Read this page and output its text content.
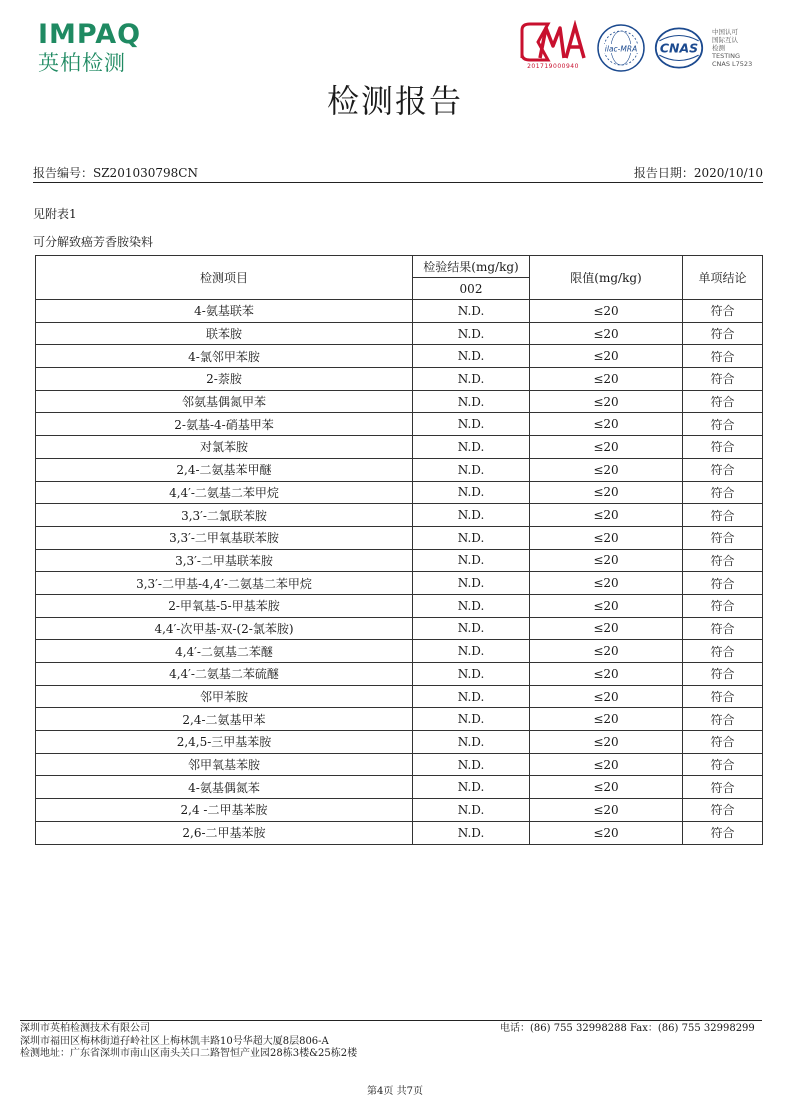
IMPAQ
英柏检测	201719000940
ilac-MRA CNAS
中国认可
国际互认
检测
TESTING
CNAS L7523
检测报告
报告编号：SZ201030798CN	报告日期：2020/10/10
见附表1
可分解致癌芳香胺染料
检测项目	检验结果(mg/kg)	限值(mg/kg)	单项结论
	002		
4-氨基联苯	N.D.	≤20	符合
联苯胺	N.D.	≤20	符合
4-氯邻甲苯胺	N.D.	≤20	符合
2-萘胺	N.D.	≤20	符合
邻氨基偶氮甲苯	N.D.	≤20	符合
2-氨基-4-硝基甲苯	N.D.	≤20	符合
对氯苯胺	N.D.	≤20	符合
2,4-二氨基苯甲醚	N.D.	≤20	符合
4,4′-二氨基二苯甲烷	N.D.	≤20	符合
3,3′-二氯联苯胺	N.D.	≤20	符合
3,3′-二甲氧基联苯胺	N.D.	≤20	符合
3,3′-二甲基联苯胺	N.D.	≤20	符合
3,3′-二甲基-4,4′-二氨基二苯甲烷	N.D.	≤20	符合
2-甲氧基-5-甲基苯胺	N.D.	≤20	符合
4,4′-次甲基-双-(2-氯苯胺)	N.D.	≤20	符合
4,4′-二氨基二苯醚	N.D.	≤20	符合
4,4′-二氨基二苯硫醚	N.D.	≤20	符合
邻甲苯胺	N.D.	≤20	符合
2,4-二氨基甲苯	N.D.	≤20	符合
2,4,5-三甲基苯胺	N.D.	≤20	符合
邻甲氧基苯胺	N.D.	≤20	符合
4-氨基偶氮苯	N.D.	≤20	符合
2,4 -二甲基苯胺	N.D.	≤20	符合
2,6-二甲基苯胺	N.D.	≤20	符合
深圳市英柏检测技术有限公司
深圳市福田区梅林街道孖岭社区上梅林凯丰路10号华超大厦8层806-A
检测地址：广东省深圳市南山区南头关口二路智恒产业园28栋3楼&25栋2楼
电话：(86) 755 32998288 Fax：(86) 755 32998299
第4页 共7页
